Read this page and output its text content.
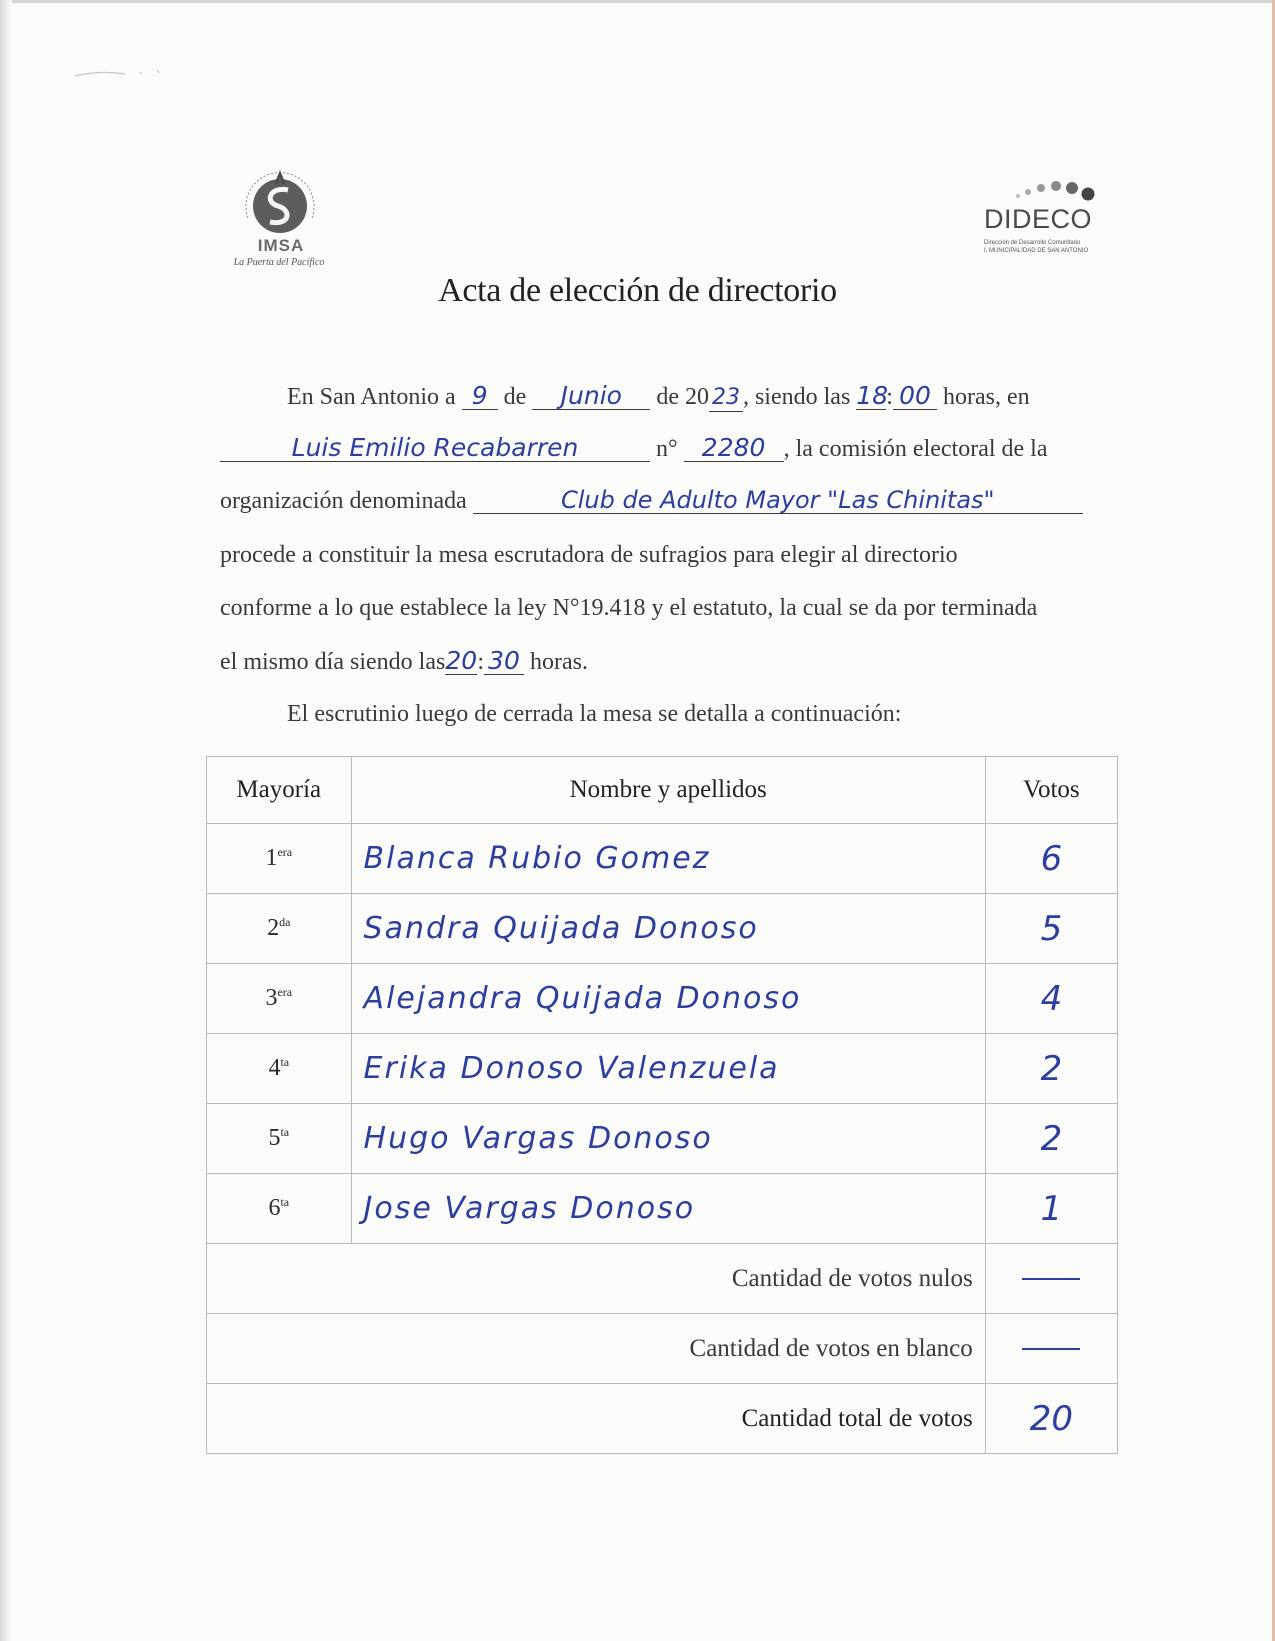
IMSA
La Puerta del Pacífico
DIDECO
Dirección de Desarrollo Comunitario
I. MUNICIPALIDAD DE SAN ANTONIO
Acta de elección de directorio
En San Antonio a 9 de Junio de 20 23 , siendo las 18: 00 horas, en
Luis Emilio Recabarren	n° 2280 , la comisión electoral de la
organización denominada	Club de Adulto Mayor "Las Chinitas"
procede a constituir la mesa escrutadora de sufragios para elegir al directorio
conforme a lo que establece la ley N°19.418 y el estatuto, la cual se da por terminada
el mismo día siendo las20: 30 horas.
El escrutinio luego de cerrada la mesa se detalla a continuación:
Mayoría	Nombre y apellidos	Votos
$1^{era}$	Blanca Rubio Gomez	6
$2^{da}$	Sandra Quijada Donoso	5
$3^{era}$	Alejandra Quijada Donoso	4
$4^{ta}$	Erika Donoso Valenzuela	2
$5^{ta}$	Hugo Vargas Donoso	2
$6^{ta}$	Jose Vargas Donoso	1
Cantidad de votos nulos		
Cantidad de votos en blanco		
Cantidad total de votos		20
